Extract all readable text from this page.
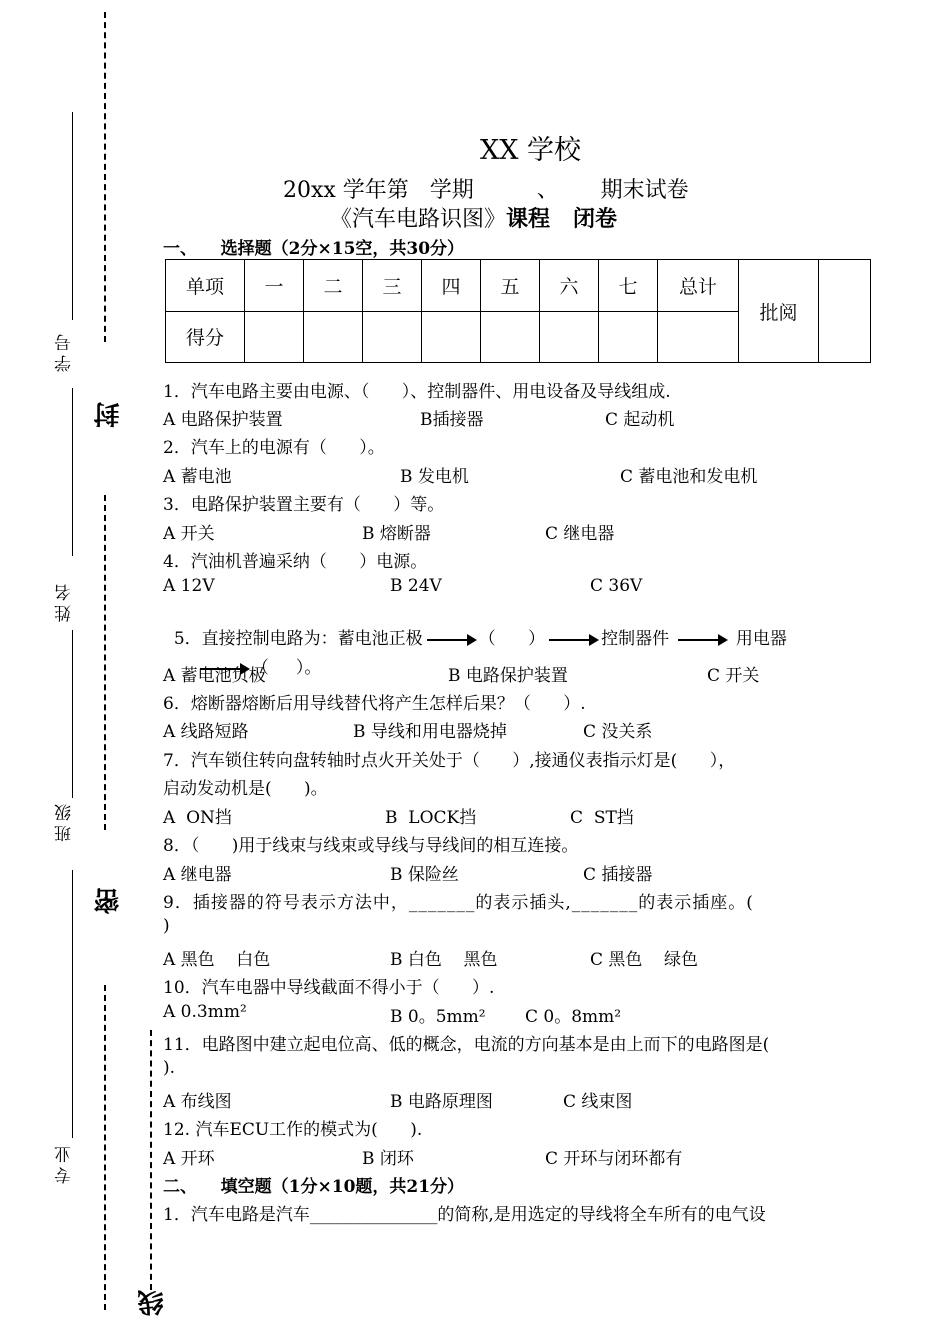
学号
姓名
班级
专业
封
密
线
XX 学校
20xx 学年第   学期         、      期末试卷
《汽车电路识图》课程   闭卷
一、    选择题（2分×15空，共30分）
单项	一	二	三	四	五	六	七	总计	批阅	
得分										
1．汽车电路主要由电源、（      ）、控制器件、用电设备及导线组成.
A 电路保护装置	B插接器	C 起动机
2．汽车上的电源有（      ）。
A 蓄电池	B 发电机	C 蓄电池和发电机
3．电路保护装置主要有（      ）等。
A 开关	B 熔断器	C 继电器
4．汽油机普遍采纳（      ）电源。
A 12V	B 24V	C 36V

5．直接控制电路为：蓄电池正极	（      ）	控制器件	用电器

（     ）。

A 蓄电池负极	B 电路保护装置	C 开关
6．熔断器熔断后用导线替代将产生怎样后果？（      ）.
A 线路短路	B 导线和用电器烧掉	C 没关系
7．汽车锁住转向盘转轴时点火开关处于（      ）,接通仪表指示灯是(      ），
启动发动机是(      )。
A  ON挡	B  LOCK挡	C  ST挡
8．（      )用于线束与线束或导线与导线间的相互连接。
A 继电器	B 保险丝	C 插接器
9．插接器的符号表示方法中，_______的表示插头,_______的表示插座。(
)
A 黑色    白色	B 白色    黑色	C 黑色    绿色
10．汽车电器中导线截面不得小于（      ）.
A 0.3mm²	B 0。5mm² C 0。8mm²
11．电路图中建立起电位高、低的概念，电流的方向基本是由上而下的电路图是(
).
A 布线图	B 电路原理图	C 线束图
12. 汽车ECU工作的模式为(      ).
A 开环	B 闭环	C 开环与闭环都有
二、    填空题（1分×10题，共21分）
1．汽车电路是汽车_______________的简称,是用选定的导线将全车所有的电气设
